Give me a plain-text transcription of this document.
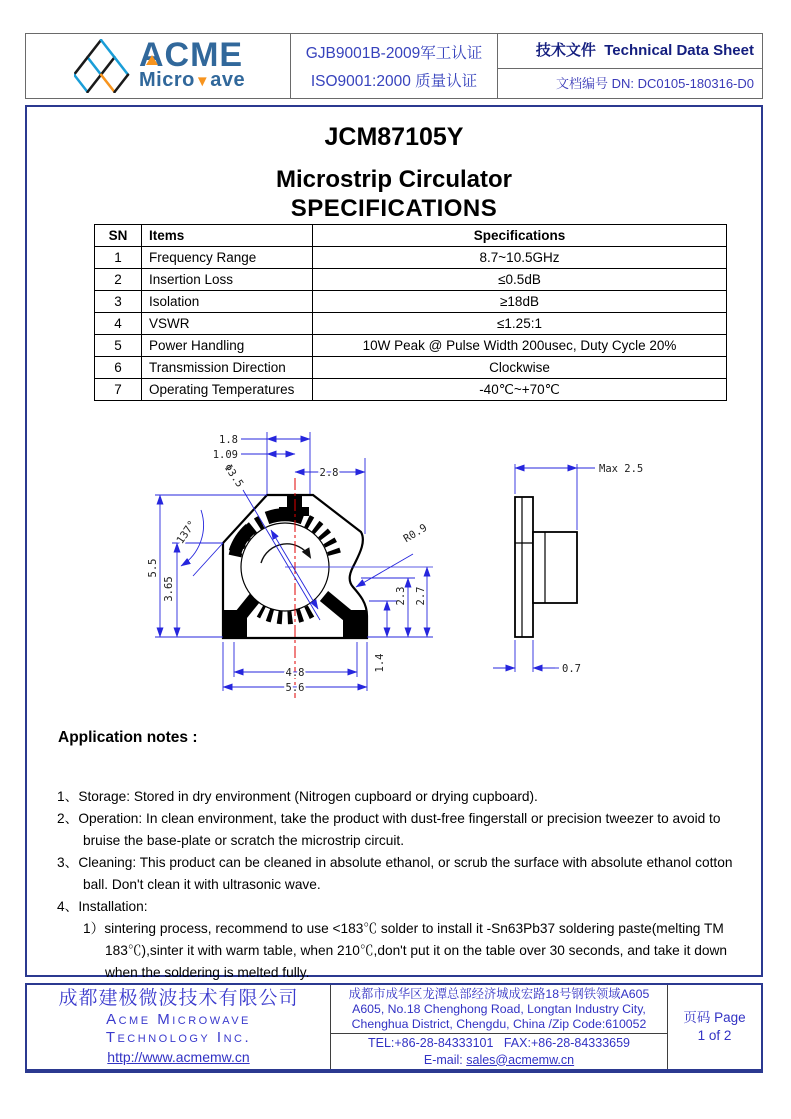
ACME
Micro▼ave
GJB9001B-2009军工认证
ISO9001:2000 质量认证
技术文件 Technical Data Sheet
文档编号 DN: DC0105-180316-D0
JCM87105Y
Microstrip Circulator
SPECIFICATIONS
SN	Items	Specifications
1	Frequency Range	8.7~10.5GHz
2	Insertion Loss	≤0.5dB
3	Isolation	≥18dB
4	VSWR	≤1.25:1
5	Power Handling	10W Peak @ Pulse Width 200usec, Duty Cycle 20%
6	Transmission Direction	Clockwise
7	Operating Temperatures	-40℃~+70℃
1.8
1.09
2.8
Φ3.5
137°
5.5
3.65
R0.9
2.3 2.7
1.4
4.8
5.6
Max 2.5
0.7
Application notes :
1、Storage: Stored in dry environment (Nitrogen cupboard or drying cupboard).
2、Operation: In clean environment, take the product with dust-free fingerstall or precision tweezer to avoid to bruise the base-plate or scratch the microstrip circuit.
3、Cleaning: This product can be cleaned in absolute ethanol, or scrub the surface with absolute ethanol cotton ball. Don't clean it with ultrasonic wave.
4、Installation:
1）sintering process, recommend to use <183℃ solder to install it -Sn63Pb37 soldering paste(melting TM 183℃),sinter it with warm table, when 210℃,don't put it on the table over 30 seconds, and take it down when the soldering is melted fully.
成都建极微波技术有限公司
Acme Microwave
Technology Inc.
http://www.acmemw.cn
成都市成华区龙潭总部经济城成宏路18号钢铁领域A605
A605, No.18 Chenghong Road, Longtan Industry City,
Chenghua District, Chengdu, China /Zip Code:610052
TEL:+86-28-84333101 FAX:+86-28-84333659
E-mail: sales@acmemw.cn
页码 Page
1 of 2
